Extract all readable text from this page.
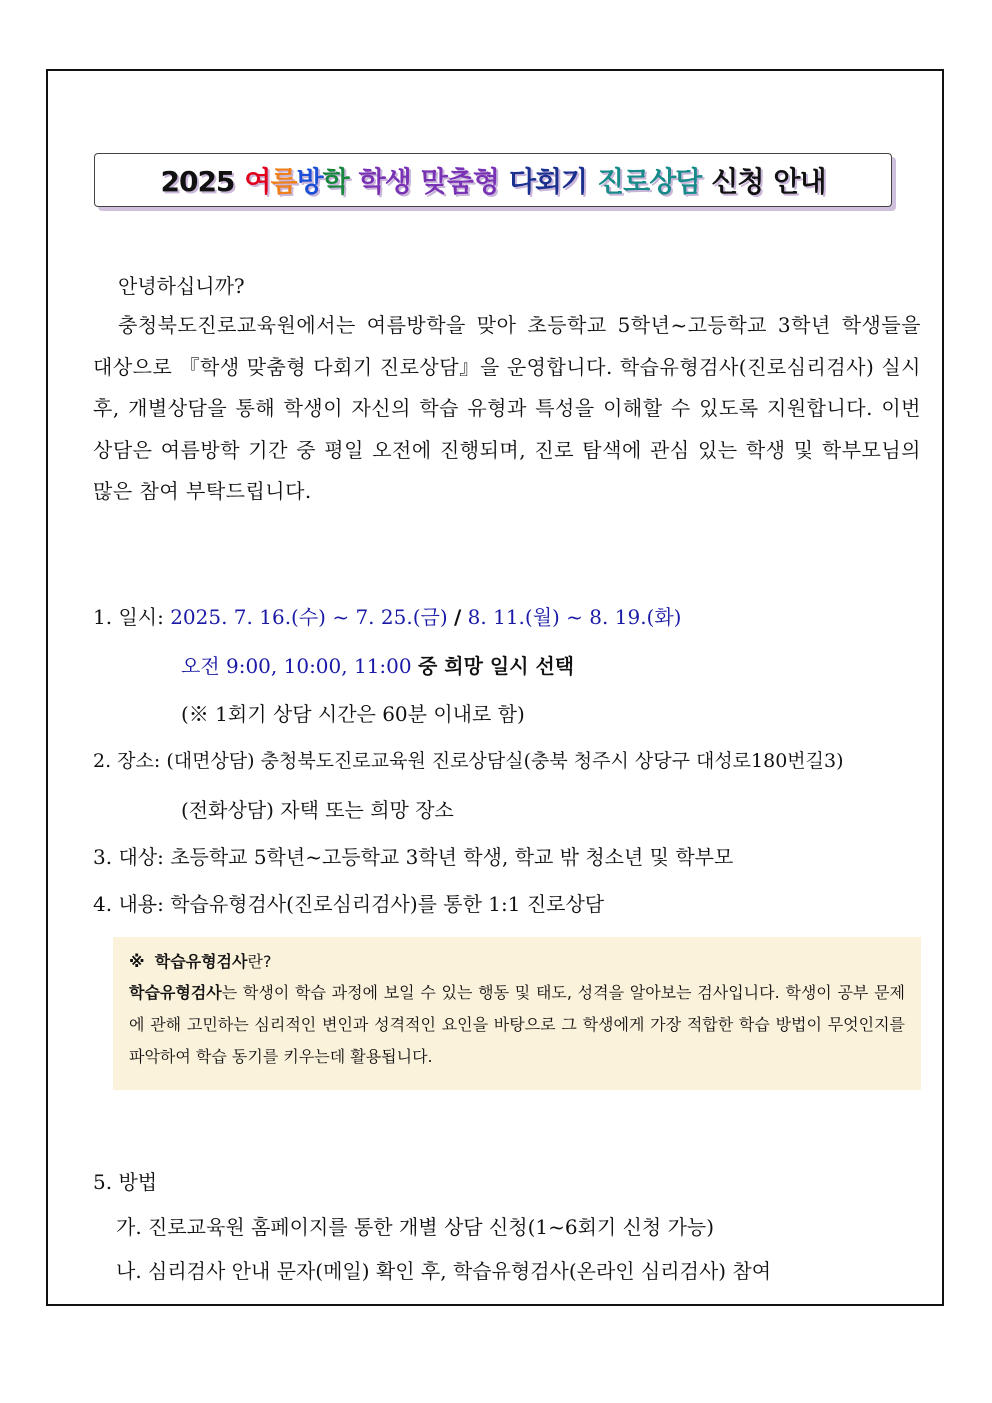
2025 여름방학 학생 맞춤형 다회기 진로상담 신청 안내
안녕하십니까?
충청북도진로교육원에서는 여름방학을 맞아 초등학교 5학년~고등학교 3학년 학생들을 대상으로 『학생 맞춤형 다회기 진로상담』을 운영합니다. 학습유형검사(진로심리검사) 실시 후, 개별상담을 통해 학생이 자신의 학습 유형과 특성을 이해할 수 있도록 지원합니다. 이번 상담은 여름방학 기간 중 평일 오전에 진행되며, 진로 탐색에 관심 있는 학생 및 학부모님의 많은 참여 부탁드립니다.
1. 일시: 2025. 7. 16.(수) ~ 7. 25.(금) / 8. 11.(월) ~ 8. 19.(화)
오전 9:00, 10:00, 11:00 중 희망 일시 선택
(※ 1회기 상담 시간은 60분 이내로 함)
2. 장소: (대면상담) 충청북도진로교육원 진로상담실(충북 청주시 상당구 대성로180번길3)
(전화상담) 자택 또는 희망 장소
3. 대상: 초등학교 5학년~고등학교 3학년 학생, 학교 밖 청소년 및 학부모
4. 내용: 학습유형검사(진로심리검사)를 통한 1:1 진로상담
※ 학습유형검사란?
학습유형검사는 학생이 학습 과정에 보일 수 있는 행동 및 태도, 성격을 알아보는 검사입니다. 학생이 공부 문제에 관해 고민하는 심리적인 변인과 성격적인 요인을 바탕으로 그 학생에게 가장 적합한 학습 방법이 무엇인지를 파악하여 학습 동기를 키우는데 활용됩니다.
5. 방법
가. 진로교육원 홈페이지를 통한 개별 상담 신청(1~6회기 신청 가능)
나. 심리검사 안내 문자(메일) 확인 후, 학습유형검사(온라인 심리검사) 참여
